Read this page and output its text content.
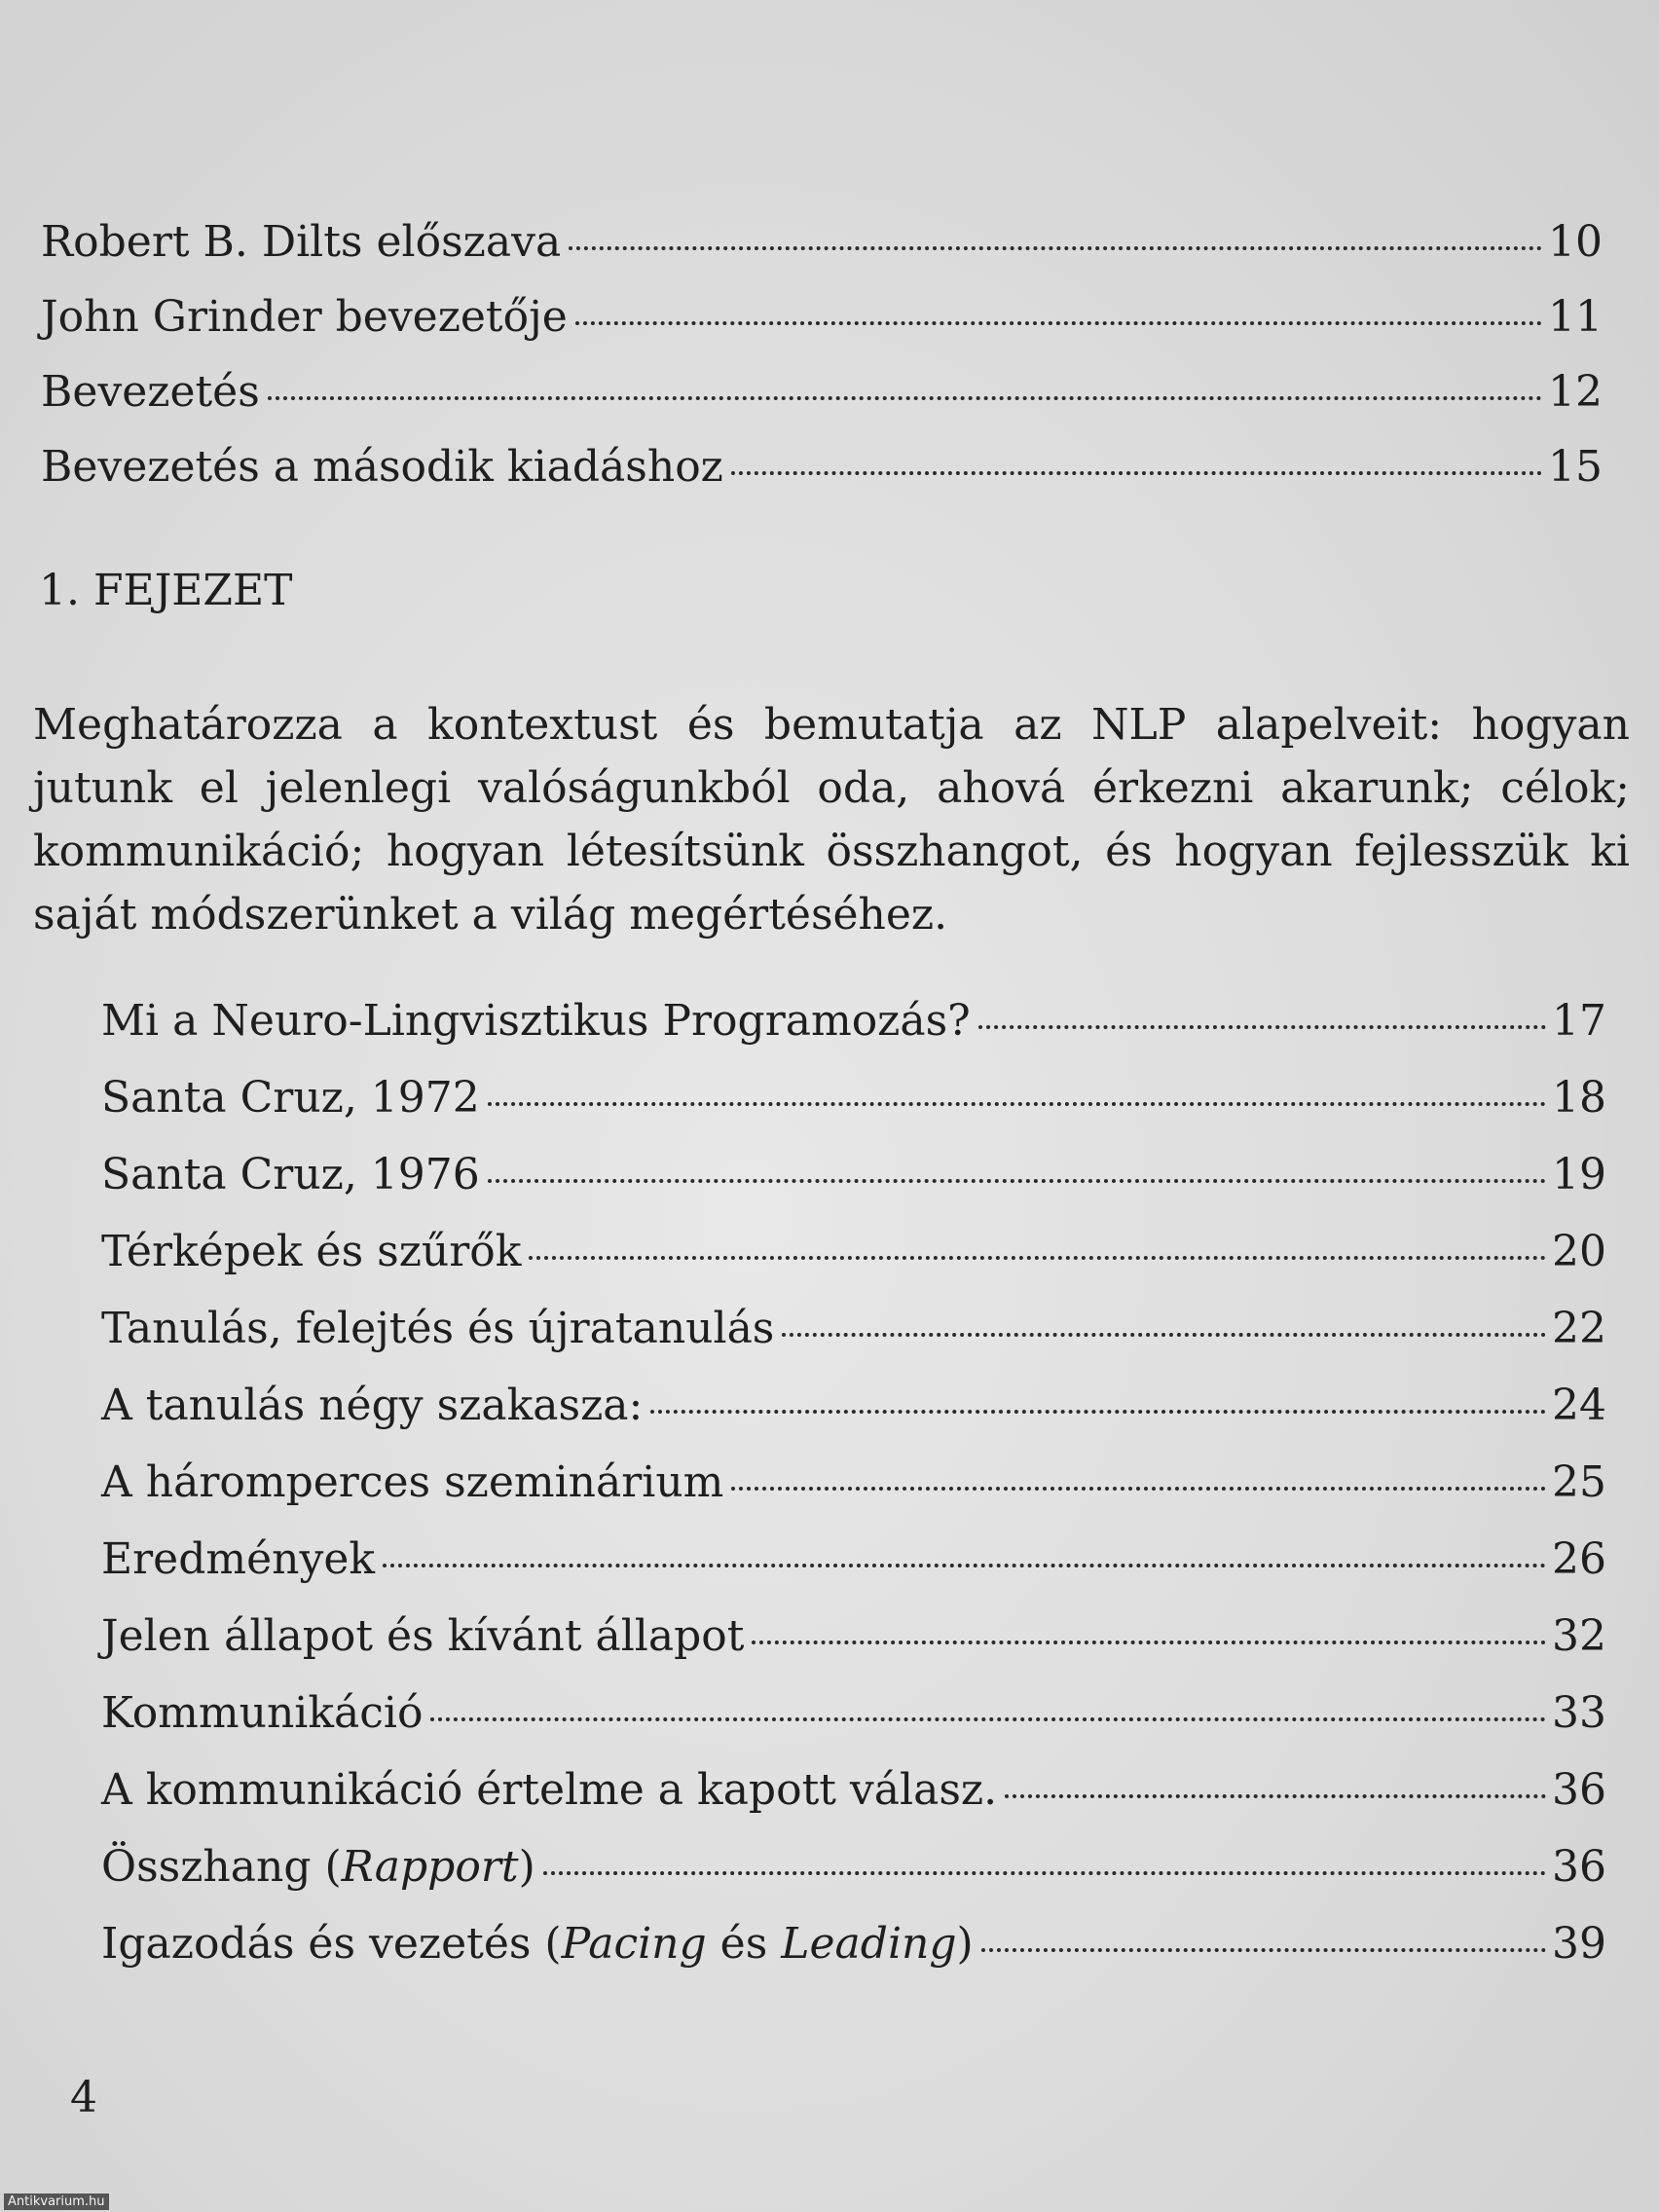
Robert B. Dilts előszava	10
John Grinder bevezetője	11
Bevezetés	12
Bevezetés a második kiadáshoz	15
1. FEJEZET
Meghatározza a kontextust és bemutatja az NLP alapelveit: hogyan jutunk el jelenlegi valóságunkból oda, ahová érkezni akarunk; célok; kommunikáció; hogyan létesítsünk összhangot, és hogyan fejlesszük ki saját módszerünket a világ megértéséhez.
Mi a Neuro-Lingvisztikus Programozás?	17
Santa Cruz, 1972	18
Santa Cruz, 1976	19
Térképek és szűrők	20
Tanulás, felejtés és újratanulás	22
A tanulás négy szakasza:	24
A háromperces szeminárium	25
Eredmények	26
Jelen állapot és kívánt állapot	32
Kommunikáció	33
A kommunikáció értelme a kapott válasz.	36
Összhang (Rapport)	36
Igazodás és vezetés (Pacing és Leading)	39
4
Antikvarium.hu
